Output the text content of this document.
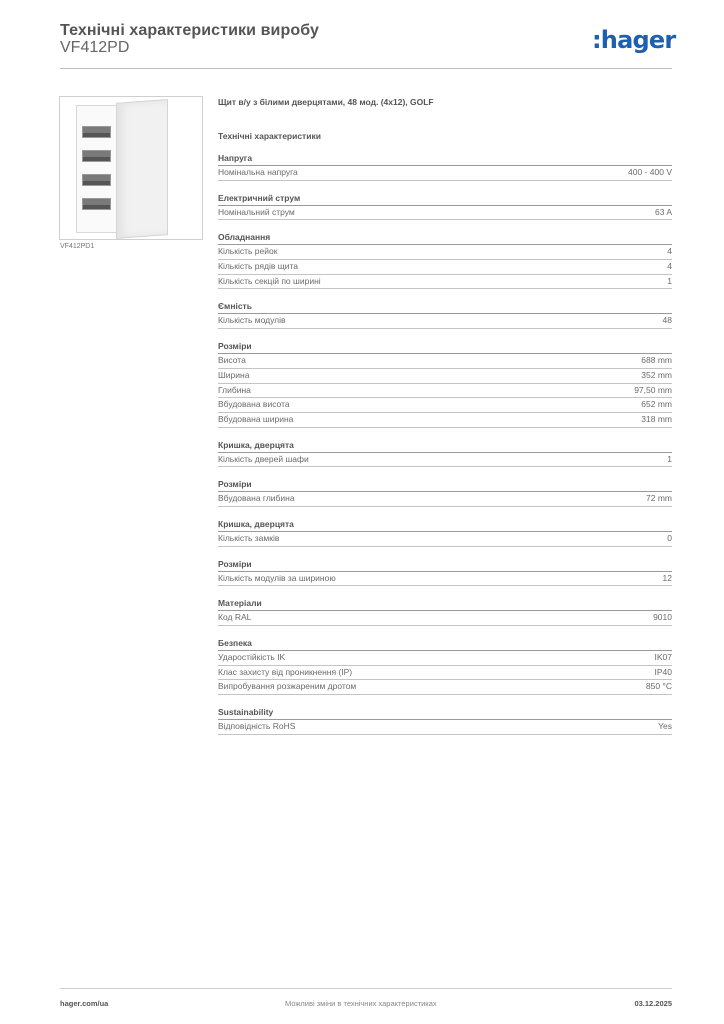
Технічні характеристики виробу
VF412PD	:hager
VF412PD1
Щит в/у з білими дверцятами, 48 мод. (4x12), GOLF
Технічні характеристики
Напруга
Номінальна напруга	400 - 400 V
Електричний струм
Номінальний струм	63 A
Обладнання
Кількість рейок	4
Кількість рядів щита	4
Кількість секцій по ширині	1
Ємність
Кількість модулів	48
Розміри
Висота	688 mm
Ширина	352 mm
Глибина	97,50 mm
Вбудована висота	652 mm
Вбудована ширина	318 mm
Кришка, дверцята
Кількість дверей шафи	1
Розміри
Вбудована глибина	72 mm
Кришка, дверцята
Кількість замків	0
Розміри
Кількість модулів за шириною	12
Матеріали
Код RAL	9010
Безпека
Ударостійкість IK	IK07
Клас захисту від проникнення (IP)	IP40
Випробування розжареним дротом	850 °C
Sustainability
Відповідність RoHS	Yes
hager.com/ua	Можливі зміни в технічних характеристиках	03.12.2025
